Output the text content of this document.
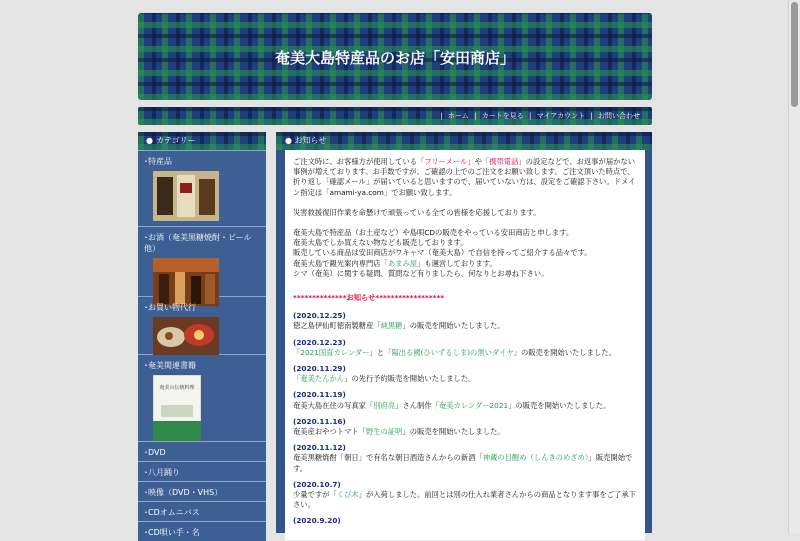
奄美大島特産品のお店「安田商店」
| ホーム | カートを見る | マイアカウント | お問い合わせ
● カテゴリー
･特産品
･お酒（奄美黒糖焼酎・ビール他）
･お買い物代行
･奄美関連書籍
奄美の伝統料理
･DVD
･八月踊り
･映像（DVD・VHS）
･CDオムニバス
･CD唄い手・名
● お知らせ

ご注文時に、お客様方が使用している「フリーメール」や「携帯電話」の設定などで、お返事が届かない事例が増えております。お手数ですが、ご確認の上でのご注文をお願い致します。ご注文頂いた時点で、折り返し「確認メール」が届いていると思いますので、届いていない方は、設定をご確認下さい。ドメイン指定は「amami-ya.com」でお願い致します。

災害救援復旧作業を命懸けで頑張っている全ての皆様を応援しております。

奄美大島で特産品（お土産など）や島唄CDの販売をやっている安田商店と申します。

奄美大島でしか買えない物なども販売しております。

販売している商品は安田商店がワキャマ（奄美大島）で自信を持ってご紹介する品々です。

奄美大島で観光案内専門店「あまみ屋」も運営しております。

シマ（奄美）に関する疑問、質問など有りましたら、何なりとお尋ね下さい。

**************お知らせ******************

(2020.12.25)
徳之島伊仙町徳南製糖産「純黒糖」の販売を開始いたしました。
(2020.12.23)
「2021国直カレンダー」と「陽出る國(ひいずるしま)の黒いダイヤ」の販売を開始いたしました。
(2020.11.29)
「奄美たんかん」の先行予約販売を開始いたしました。
(2020.11.19)
奄美大島在住の写真家「別府亮」さん制作「奄美カレンダー2021」の販売を開始いたしました。
(2020.11.16)
奄美産おやつトマト「野生の証明」の販売を開始いたしました。
(2020.11.12)
奄美黒糖焼酎「朝日」で有名な朝日酒造さんからの新酒「神蔵の目醒め（しんきのめざめ）」販売開始です。
(2020.10.7)
少量ですが「くび木」が入荷しました。前回とは別の仕入れ業者さんからの商品となります事をご了承下さい。
(2020.9.20)
